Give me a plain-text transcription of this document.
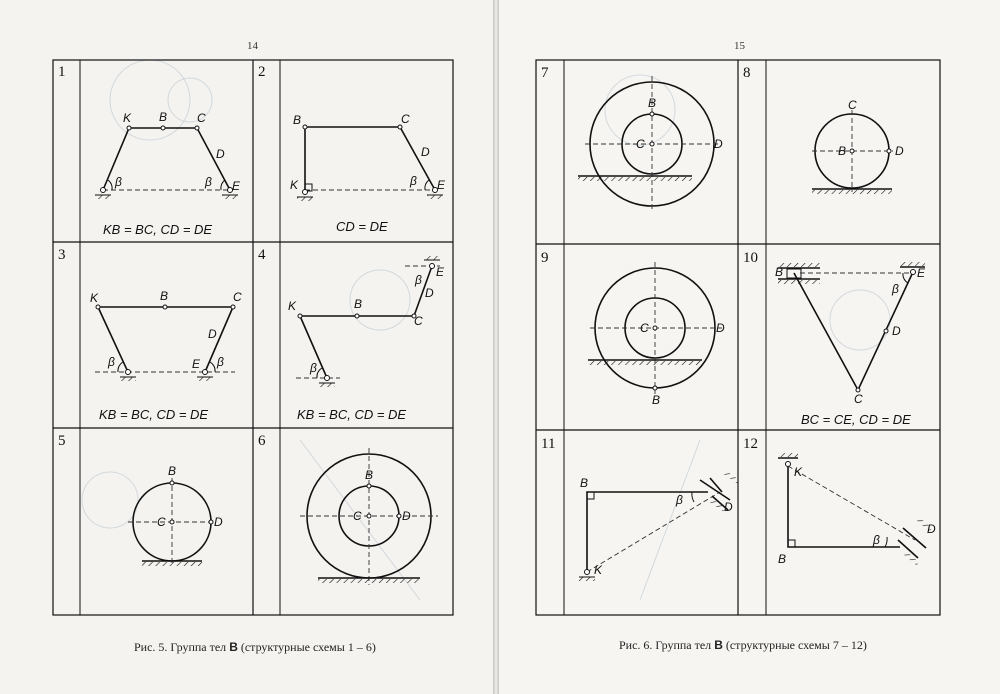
14
Рис. 5. Группа тел B (структурные схемы 1 – 6)
15
Рис. 6. Группа тел B (структурные схемы 7 – 12)
1
K B C
D
E
β	β
KB = BC, CD = DE
2
B	C
D
K	E
β
CD = DE
3
K	B	C
D
E
β	β
KB = BC, CD = DE
4
K	B
C
D
E
β
β
KB = BC, CD = DE
5
B
C	D
6
B
C	D
7
B
C	D
8
C
B	D
9
C	D
B
10
B	E
D
C
β
BC = CE, CD = DE
11
B
K
D
β
12
K
B
D
β
